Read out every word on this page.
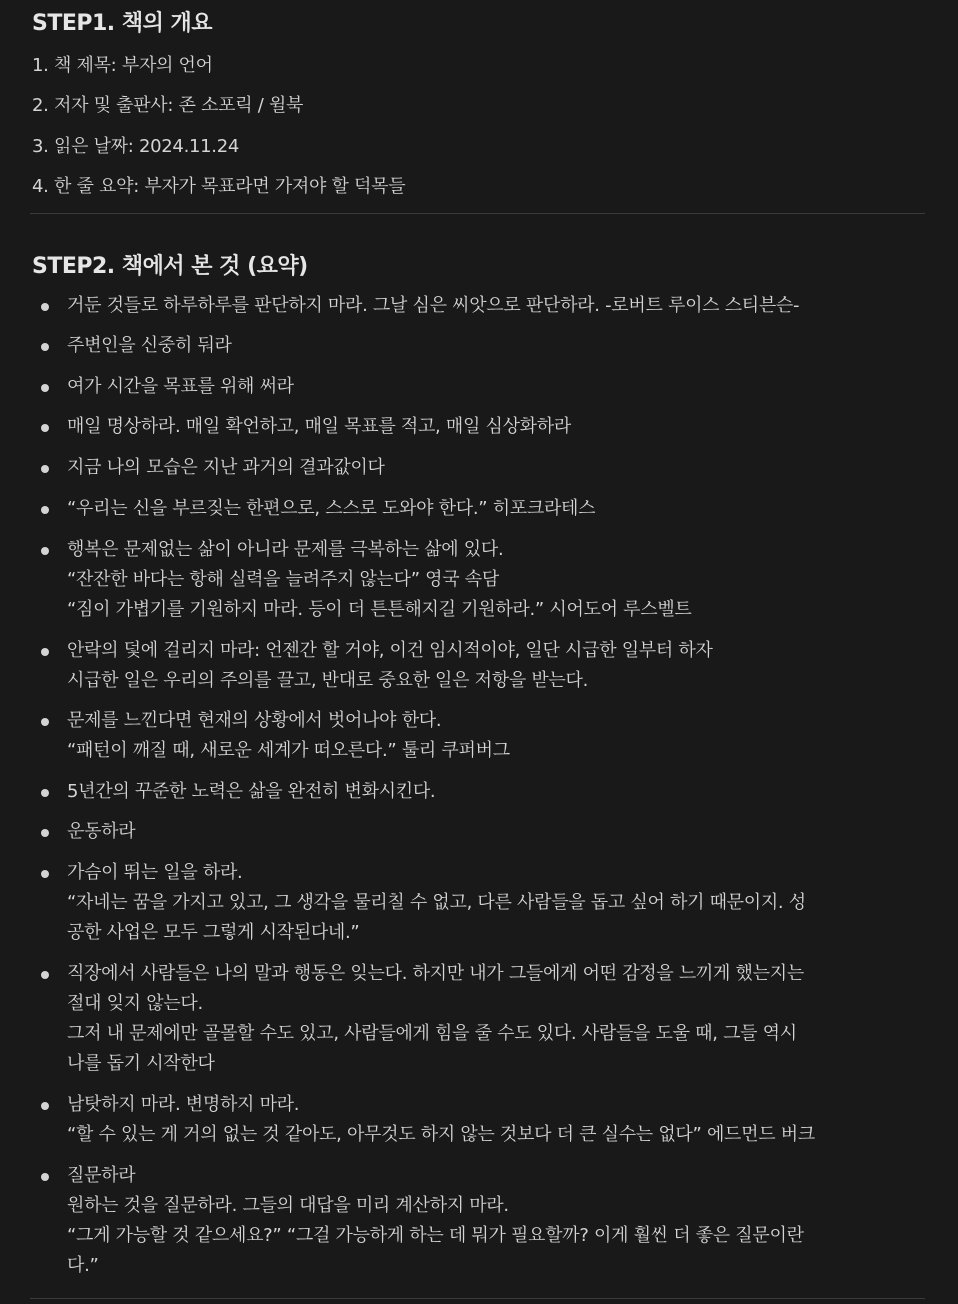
STEP1. 책의 개요
1. 책 제목: 부자의 언어
2. 저자 및 출판사: 존 소포릭 / 윌북
3. 읽은 날짜: 2024.11.24
4. 한 줄 요약: 부자가 목표라면 가져야 할 덕목들
STEP2. 책에서 본 것 (요약)
거둔 것들로 하루하루를 판단하지 마라. 그날 심은 씨앗으로 판단하라. -로버트 루이스 스티븐슨-
주변인을 신중히 둬라
여가 시간을 목표를 위해 써라
매일 명상하라. 매일 확언하고, 매일 목표를 적고, 매일 심상화하라
지금 나의 모습은 지난 과거의 결과값이다
“우리는 신을 부르짖는 한편으로, 스스로 도와야 한다.” 히포크라테스
행복은 문제없는 삶이 아니라 문제를 극복하는 삶에 있다.
“잔잔한 바다는 항해 실력을 늘려주지 않는다” 영국 속담
“짐이 가볍기를 기원하지 마라. 등이 더 튼튼해지길 기원하라.” 시어도어 루스벨트
안락의 덫에 걸리지 마라: 언젠간 할 거야, 이건 임시적이야, 일단 시급한 일부터 하자
시급한 일은 우리의 주의를 끌고, 반대로 중요한 일은 저항을 받는다.
문제를 느낀다면 현재의 상황에서 벗어나야 한다.
“패턴이 깨질 때, 새로운 세계가 떠오른다.” 툴리 쿠퍼버그
5년간의 꾸준한 노력은 삶을 완전히 변화시킨다.
운동하라
가슴이 뛰는 일을 하라.
“자네는 꿈을 가지고 있고, 그 생각을 물리칠 수 없고, 다른 사람들을 돕고 싶어 하기 때문이지. 성
공한 사업은 모두 그렇게 시작된다네.”
직장에서 사람들은 나의 말과 행동은 잊는다. 하지만 내가 그들에게 어떤 감정을 느끼게 했는지는
절대 잊지 않는다.
그저 내 문제에만 골몰할 수도 있고, 사람들에게 힘을 줄 수도 있다. 사람들을 도울 때, 그들 역시
나를 돕기 시작한다
남탓하지 마라. 변명하지 마라.
“할 수 있는 게 거의 없는 것 같아도, 아무것도 하지 않는 것보다 더 큰 실수는 없다” 에드먼드 버크
질문하라
원하는 것을 질문하라. 그들의 대답을 미리 계산하지 마라.
“그게 가능할 것 같으세요?” “그걸 가능하게 하는 데 뭐가 필요할까? 이게 훨씬 더 좋은 질문이란
다.”
